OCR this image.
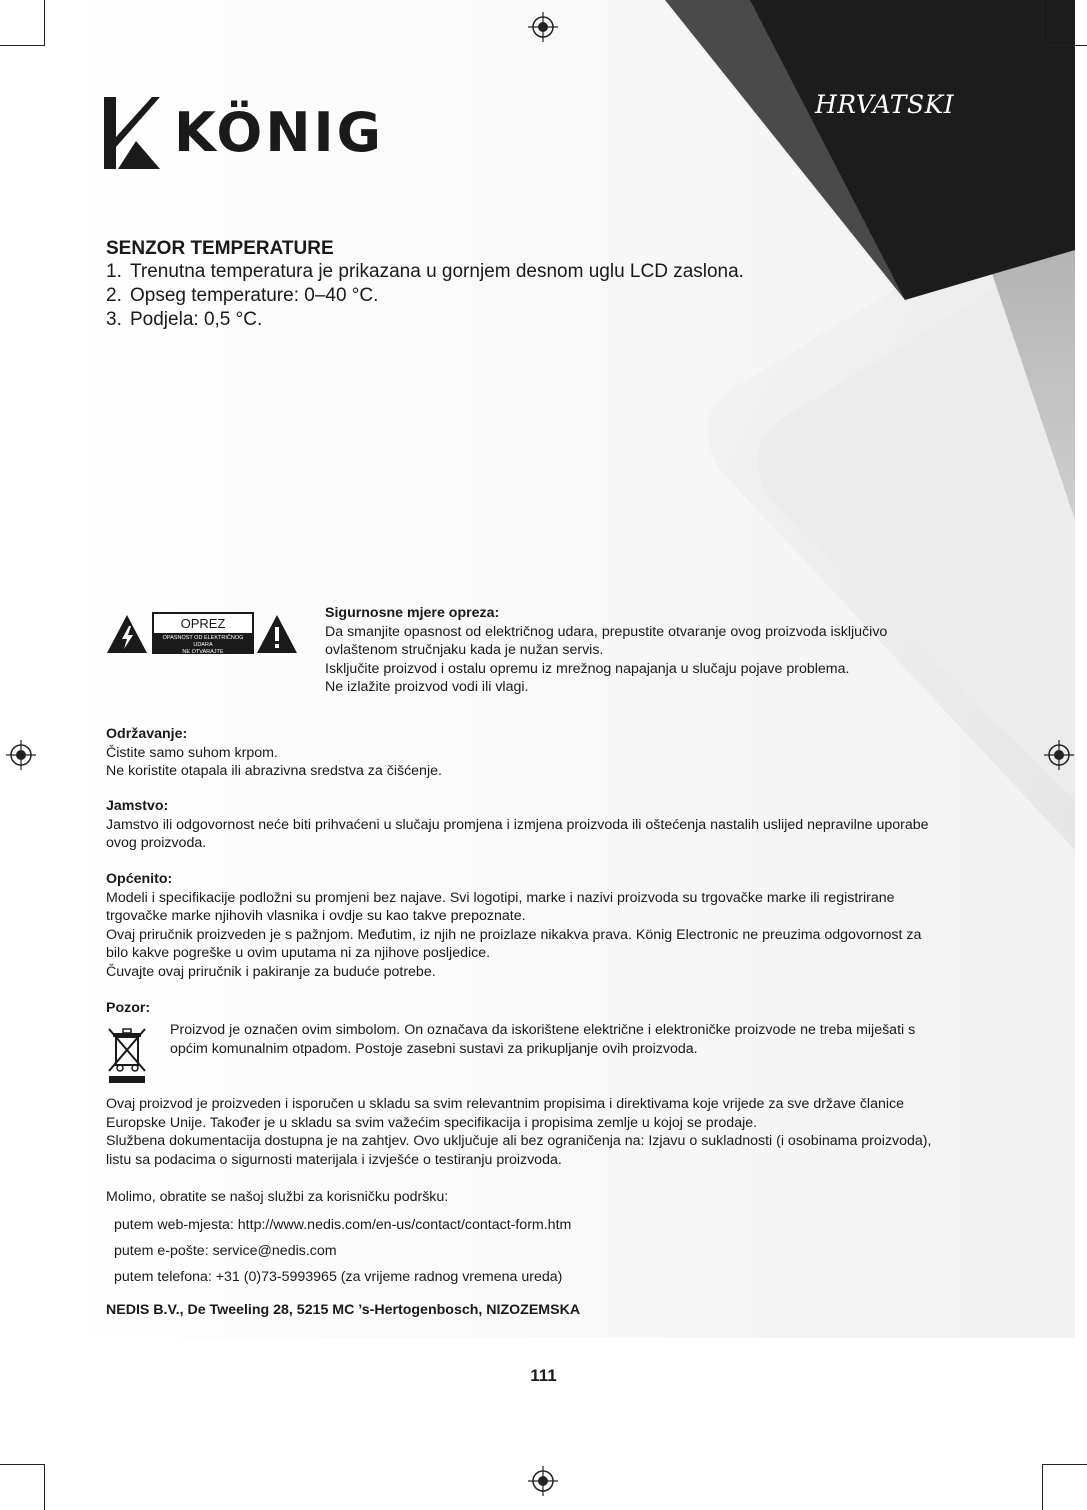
HRVATSKI
KÖNIG
SENZOR TEMPERATURE
1. Trenutna temperatura je prikazana u gornjem desnom uglu LCD zaslona.
2. Opseg temperature: 0–40 °C.
3. Podjela: 0,5 °C.
OPREZ
OPASNOST OD ELEKTRIČNOG UDARA
NE OTVARAJTE
Sigurnosne mjere opreza:
Da smanjite opasnost od električnog udara, prepustite otvaranje ovog proizvoda isključivo
ovlaštenom stručnjaku kada je nužan servis.
Isključite proizvod i ostalu opremu iz mrežnog napajanja u slučaju pojave problema.
Ne izlažite proizvod vodi ili vlagi.
Održavanje:
Čistite samo suhom krpom.
Ne koristite otapala ili abrazivna sredstva za čišćenje.
Jamstvo:
Jamstvo ili odgovornost neće biti prihvaćeni u slučaju promjena i izmjena proizvoda ili oštećenja nastalih uslijed nepravilne uporabe
ovog proizvoda.
Općenito:
Modeli i specifikacije podložni su promjeni bez najave. Svi logotipi, marke i nazivi proizvoda su trgovačke marke ili registrirane
trgovačke marke njihovih vlasnika i ovdje su kao takve prepoznate.
Ovaj priručnik proizveden je s pažnjom. Međutim, iz njih ne proizlaze nikakva prava. König Electronic ne preuzima odgovornost za
bilo kakve pogreške u ovim uputama ni za njihove posljedice.
Čuvajte ovaj priručnik i pakiranje za buduće potrebe.
Pozor:
Proizvod je označen ovim simbolom. On označava da iskorištene električne i elektroničke proizvode ne treba miješati s
općim komunalnim otpadom. Postoje zasebni sustavi za prikupljanje ovih proizvoda.
Ovaj proizvod je proizveden i isporučen u skladu sa svim relevantnim propisima i direktivama koje vrijede za sve države članice
Europske Unije. Također je u skladu sa svim važećim specifikacija i propisima zemlje u kojoj se prodaje.
Službena dokumentacija dostupna je na zahtjev. Ovo uključuje ali bez ograničenja na: Izjavu o sukladnosti (i osobinama proizvoda),
listu sa podacima o sigurnosti materijala i izvješće o testiranju proizvoda.
Molimo, obratite se našoj službi za korisničku podršku:
putem web-mjesta: http://www.nedis.com/en-us/contact/contact-form.htm
putem e-pošte: service@nedis.com
putem telefona: +31 (0)73-5993965 (za vrijeme radnog vremena ureda)
NEDIS B.V., De Tweeling 28, 5215 MC ’s-Hertogenbosch, NIZOZEMSKA
111
